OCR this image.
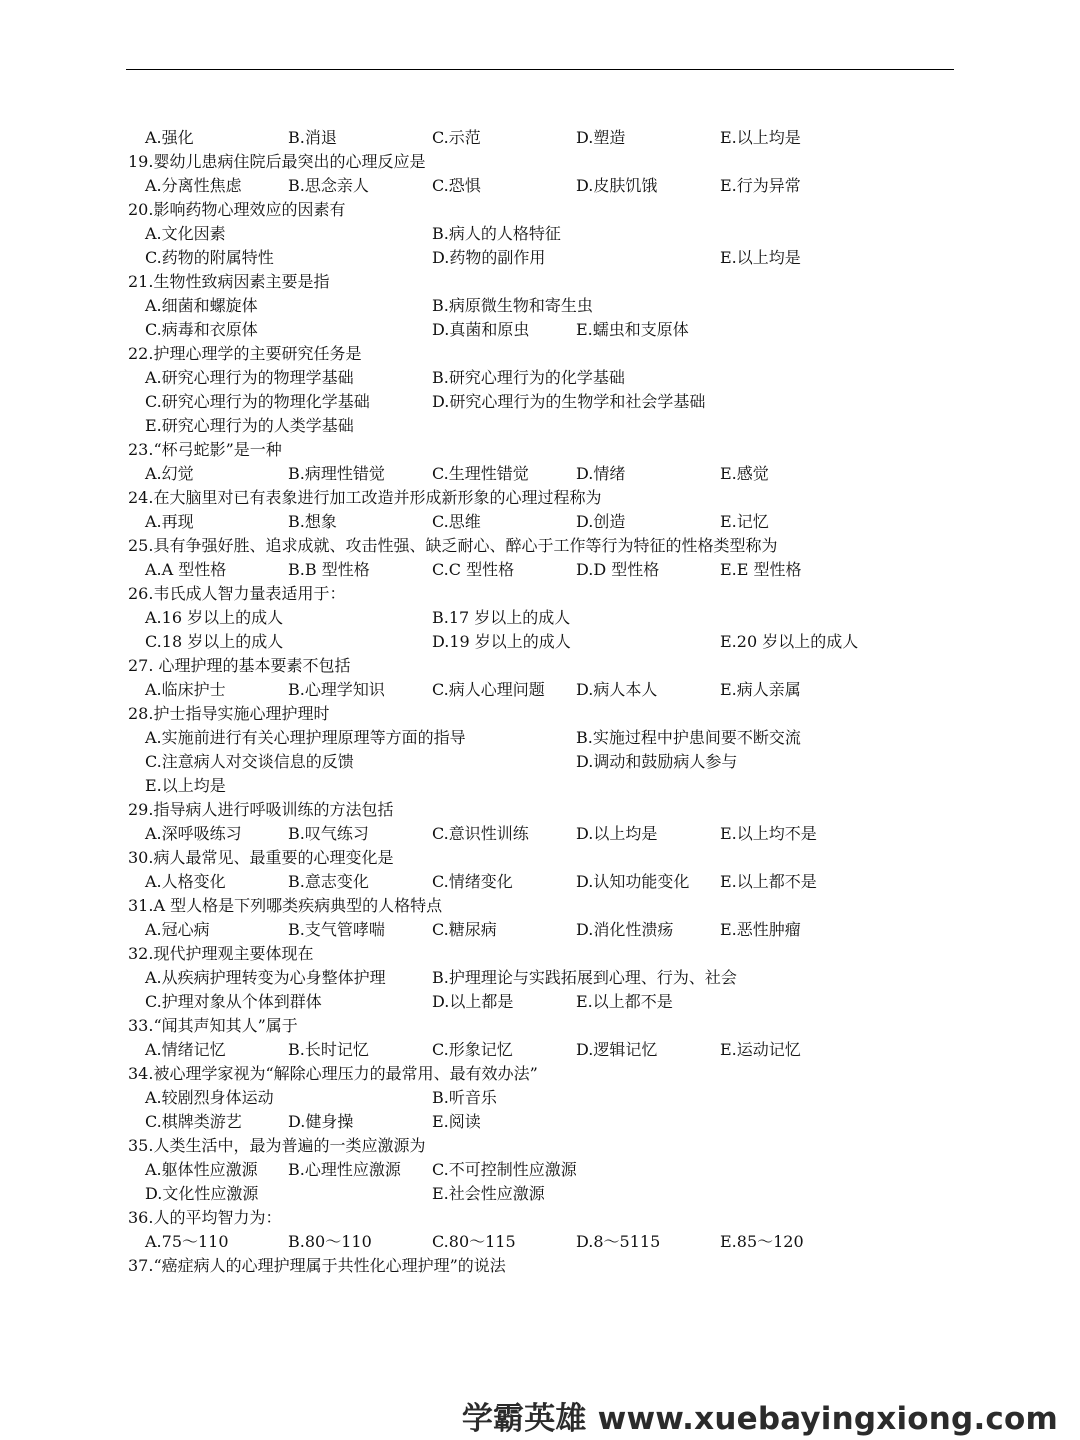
A.强化	B.消退	C.示范	D.塑造	E.以上均是
19.婴幼儿患病住院后最突出的心理反应是
A.分离性焦虑	B.思念亲人	C.恐惧	D.皮肤饥饿	E.行为异常
20.影响药物心理效应的因素有
A.文化因素	B.病人的人格特征
C.药物的附属特性	D.药物的副作用	E.以上均是
21.生物性致病因素主要是指
A.细菌和螺旋体	B.病原微生物和寄生虫
C.病毒和衣原体	D.真菌和原虫	E.蠕虫和支原体
22.护理心理学的主要研究任务是
A.研究心理行为的物理学基础	B.研究心理行为的化学基础
C.研究心理行为的物理化学基础	D.研究心理行为的生物学和社会学基础
E.研究心理行为的人类学基础
23.“杯弓蛇影”是一种
A.幻觉	B.病理性错觉	C.生理性错觉	D.情绪	E.感觉
24.在大脑里对已有表象进行加工改造并形成新形象的心理过程称为
A.再现	B.想象	C.思维	D.创造	E.记忆
25.具有争强好胜、追求成就、攻击性强、缺乏耐心、醉心于工作等行为特征的性格类型称为
A.A 型性格	B.B 型性格	C.C 型性格	D.D 型性格	E.E 型性格
26.韦氏成人智力量表适用于：
A.16 岁以上的成人	B.17 岁以上的成人
C.18 岁以上的成人	D.19 岁以上的成人	E.20 岁以上的成人
27. 心理护理的基本要素不包括
A.临床护士	B.心理学知识	C.病人心理问题 D.病人本人	E.病人亲属
28.护士指导实施心理护理时
A.实施前进行有关心理护理原理等方面的指导	B.实施过程中护患间要不断交流
C.注意病人对交谈信息的反馈	D.调动和鼓励病人参与
E.以上均是
29.指导病人进行呼吸训练的方法包括
A.深呼吸练习	B.叹气练习	C.意识性训练	D.以上均是	E.以上均不是
30.病人最常见、最重要的心理变化是
A.人格变化	B.意志变化	C.情绪变化	D.认知功能变化 E.以上都不是
31.A 型人格是下列哪类疾病典型的人格特点
A.冠心病	B.支气管哮喘	C.糖尿病	D.消化性溃疡	E.恶性肿瘤
32.现代护理观主要体现在
A.从疾病护理转变为心身整体护理	B.护理理论与实践拓展到心理、行为、社会
C.护理对象从个体到群体	D.以上都是	E.以上都不是
33.“闻其声知其人”属于
A.情绪记忆	B.长时记忆	C.形象记忆	D.逻辑记忆	E.运动记忆
34.被心理学家视为“解除心理压力的最常用、最有效办法”
A.较剧烈身体运动	B.听音乐
C.棋牌类游艺	D.健身操	E.阅读
35.人类生活中，最为普遍的一类应激源为
A.躯体性应激源 B.心理性应激源 C.不可控制性应激源
D.文化性应激源	E.社会性应激源
36.人的平均智力为：
A.75～110	B.80～110	C.80～115	D.8～5115	E.85～120
37.“癌症病人的心理护理属于共性化心理护理”的说法
学霸英雄 www.xuebayingxiong.com
